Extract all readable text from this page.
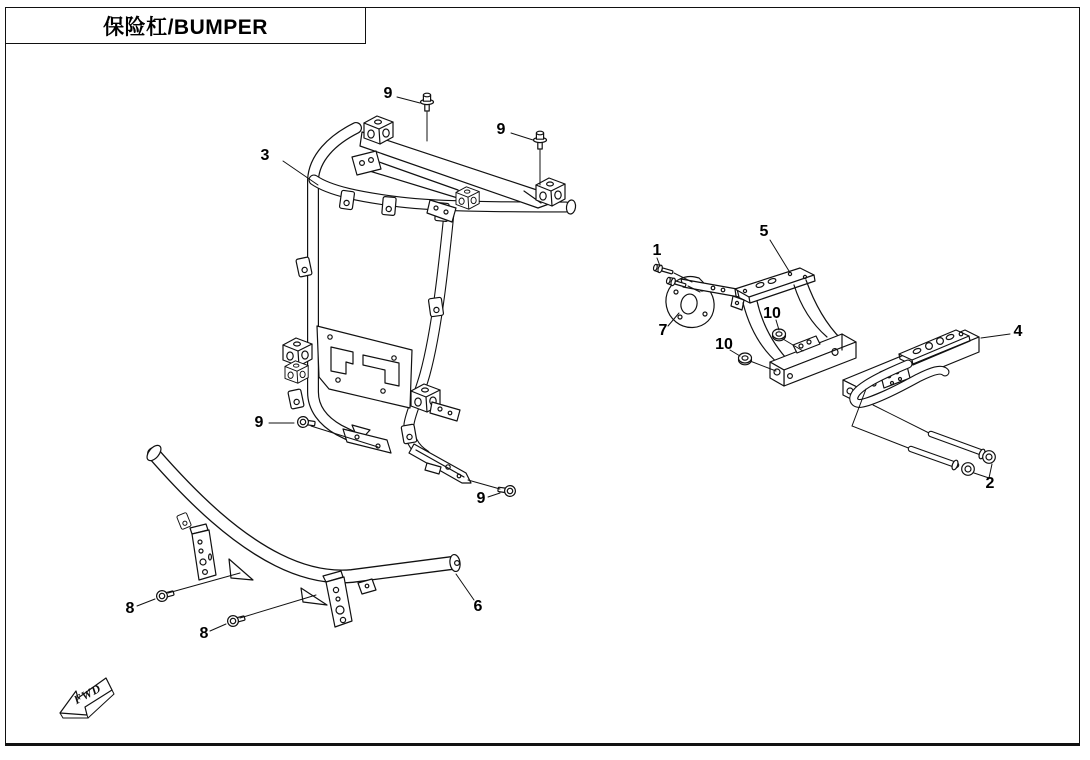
保险杠/BUMPER
3
9
9
9
9
1
5
7
10
10
4
2
6
8
8
FWD
